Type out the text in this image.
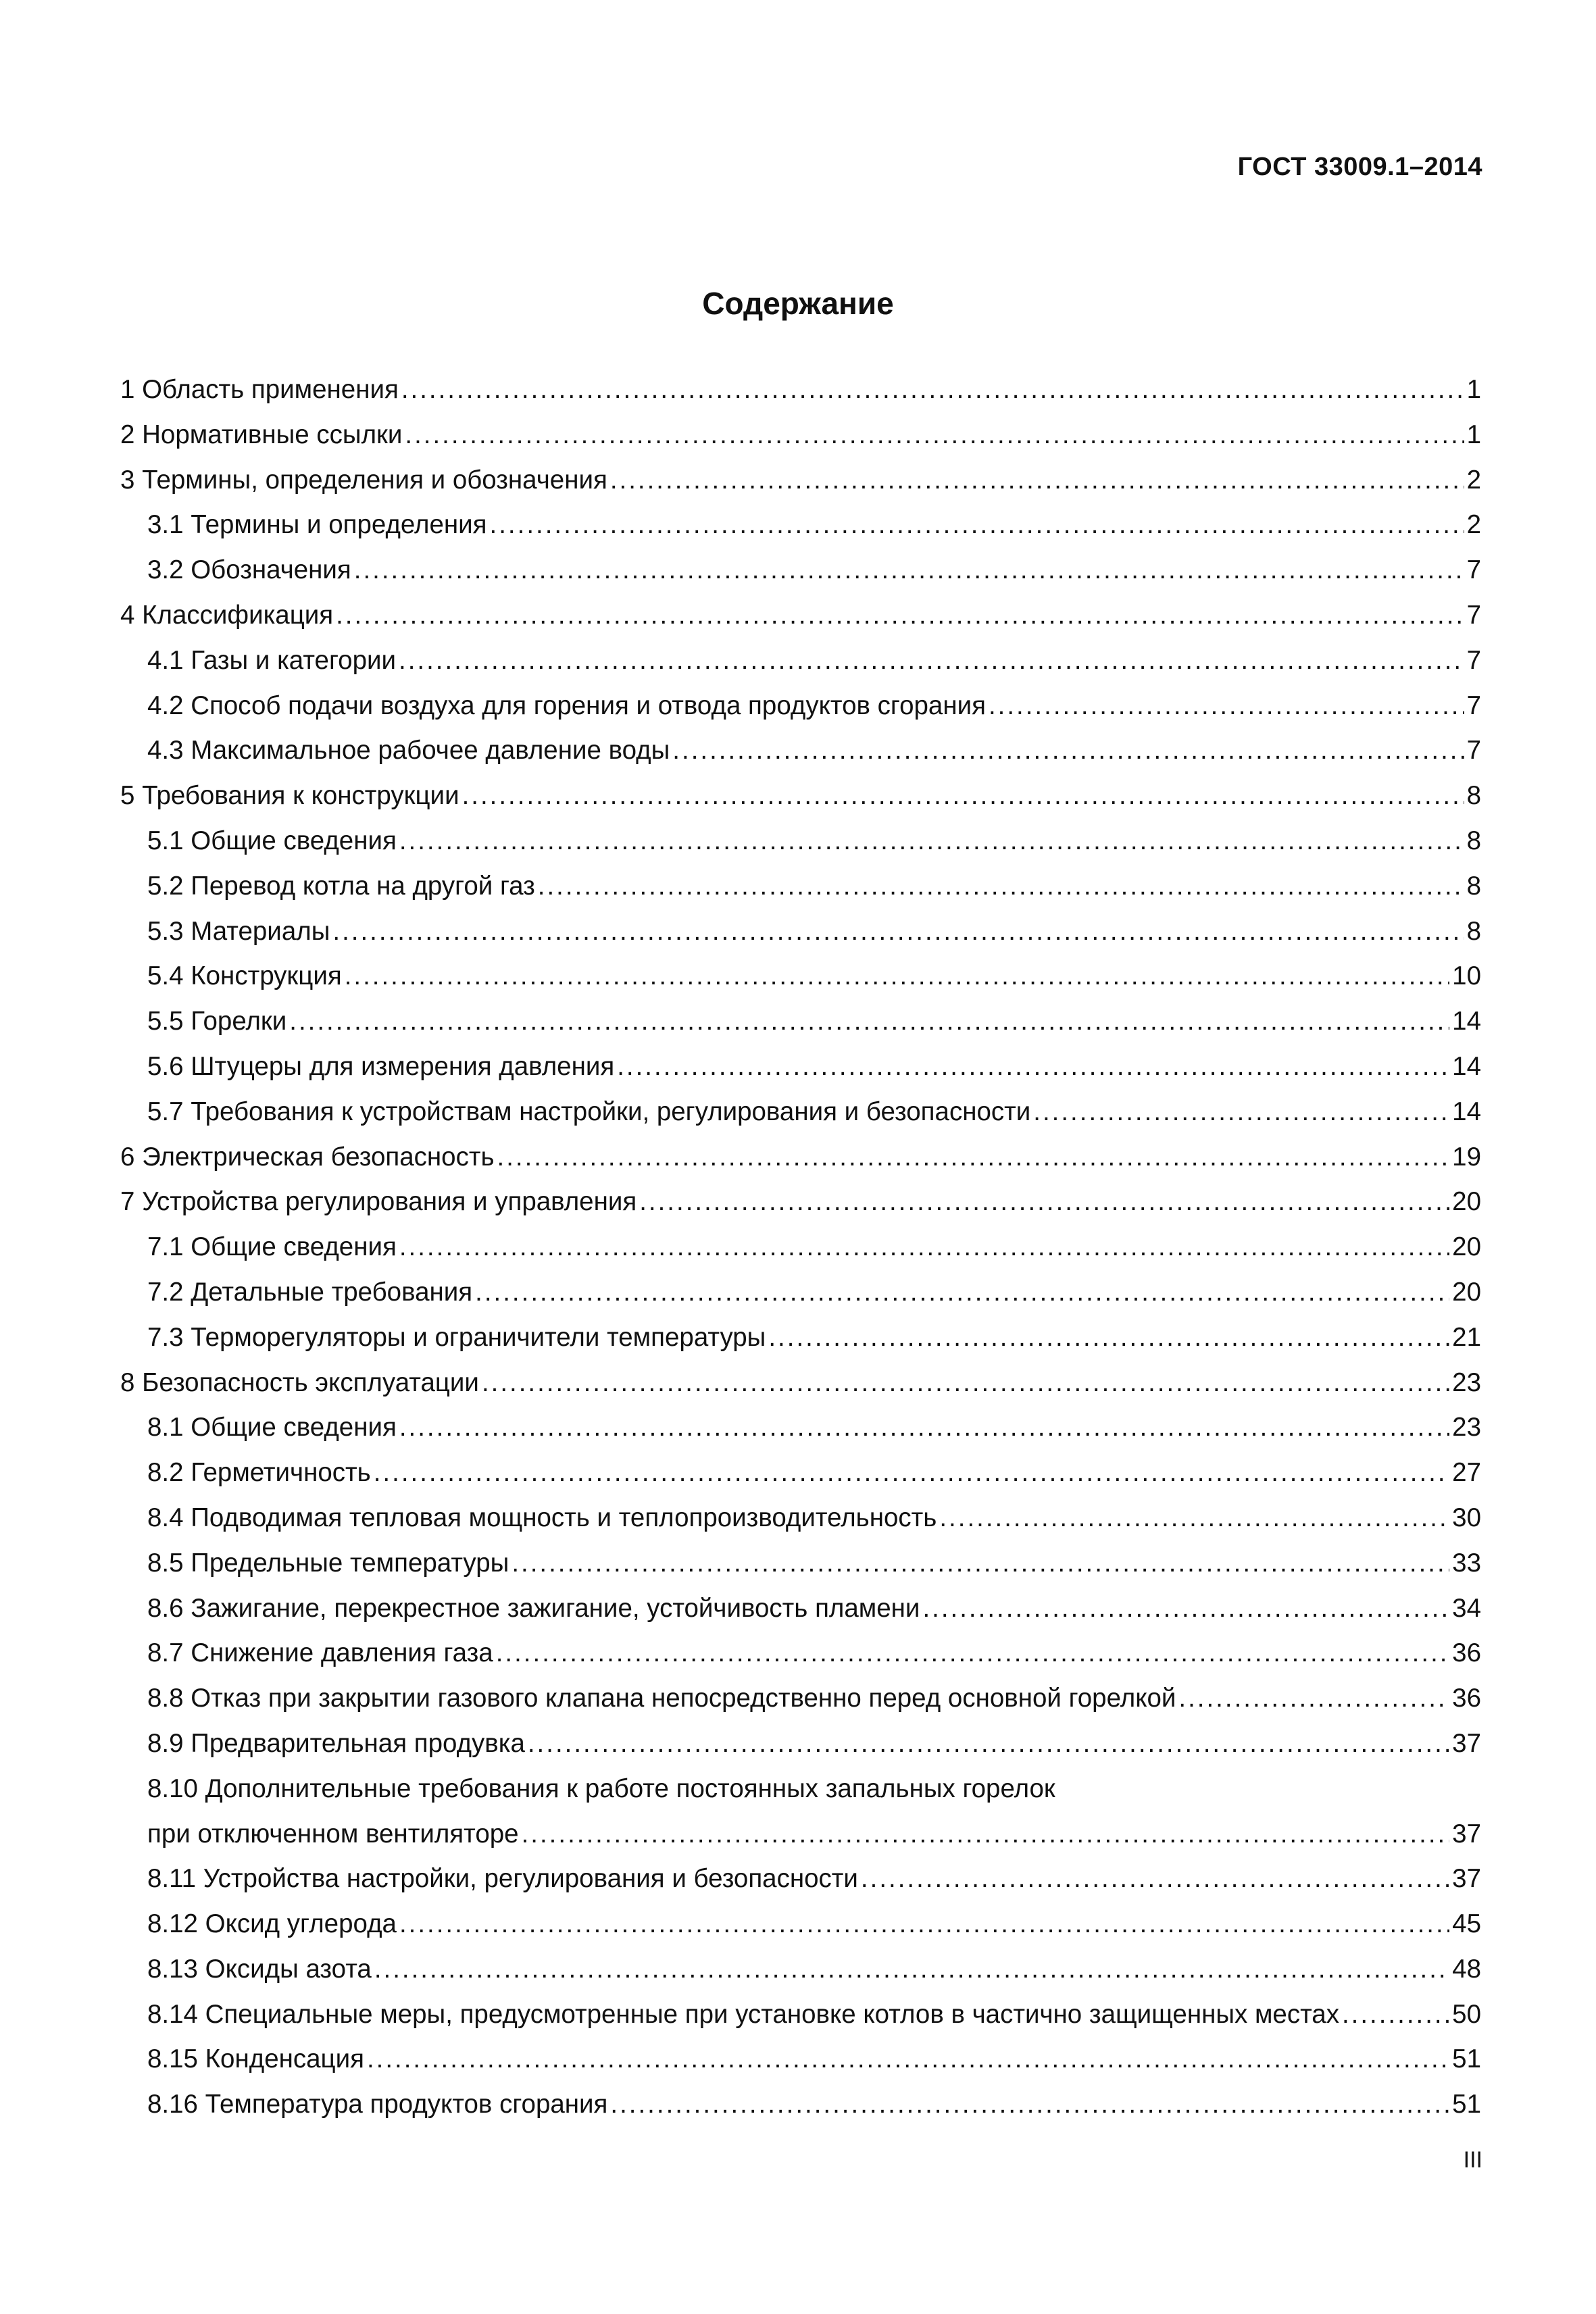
ГОСТ 33009.1–2014
Содержание
1 Область применения .....	1
2 Нормативные ссылки .....	1
3 Термины, определения и обозначения .....	2
3.1 Термины и определения .....	2
3.2 Обозначения .....	7
4 Классификация .....	7
4.1 Газы и категории .....	7
4.2 Способ подачи воздуха для горения и отвода продуктов сгорания .....	7
4.3 Максимальное рабочее давление воды .....	7
5 Требования к конструкции .....	8
5.1 Общие сведения .....	8
5.2 Перевод котла на другой газ .....	8
5.3 Материалы .....	8
5.4 Конструкция .....	10
5.5 Горелки .....	14
5.6 Штуцеры для измерения давления .....	14
5.7 Требования к устройствам настройки, регулирования и безопасности .....	14
6 Электрическая безопасность .....	19
7 Устройства регулирования и управления .....	20
7.1 Общие сведения .....	20
7.2 Детальные требования .....	20
7.3 Терморегуляторы и ограничители температуры .....	21
8 Безопасность эксплуатации .....	23
8.1 Общие сведения .....	23
8.2 Герметичность .....	27
8.4 Подводимая тепловая мощность и теплопроизводительность .....	30
8.5 Предельные температуры .....	33
8.6 Зажигание, перекрестное зажигание, устойчивость пламени .....	34
8.7 Снижение давления газа .....	36
8.8 Отказ при закрытии газового клапана непосредственно перед основной горелкой .....	36
8.9 Предварительная продувка .....	37
8.10 Дополнительные требования к работе постоянных запальных горелок
при отключенном вентиляторе .....	37
8.11 Устройства настройки, регулирования и безопасности .....	37
8.12 Оксид углерода .....	45
8.13 Оксиды азота .....	48
8.14 Специальные меры, предусмотренные при установке котлов в частично защищенных местах .....	50
8.15 Конденсация .....	51
8.16 Температура продуктов сгорания .....	51
III
